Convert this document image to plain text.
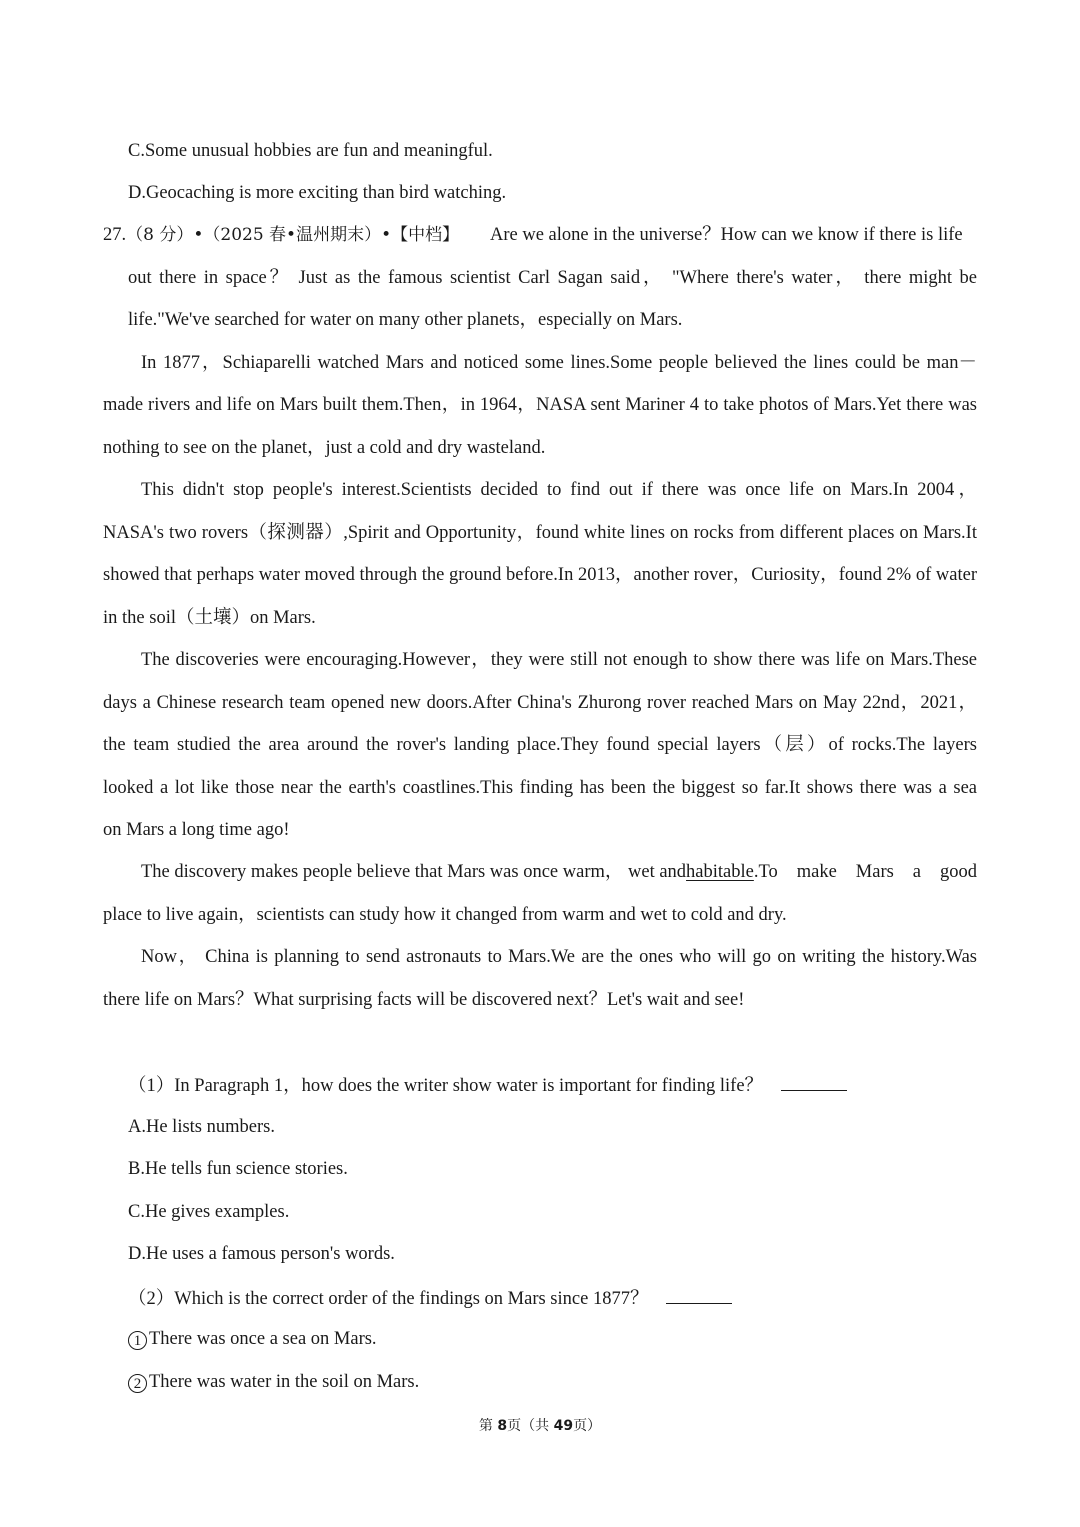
C.Some unusual hobbies are fun and meaningful.
D.Geocaching is more exciting than bird watching.
27.（8 分）•（2025 春•温州期末）•【中档】 Are we alone in the universe？How can we know if there is life
out there in space？ Just as the famous scientist Carl Sagan said， "Where there's water， there might be
life."We've searched for water on many other planets，especially on Mars.
In 1877，Schiaparelli watched Mars and noticed some lines.Some people believed the lines could be man－
made rivers and life on Mars built them.Then，in 1964，NASA sent Mariner 4 to take photos of Mars.Yet there was
nothing to see on the planet，just a cold and dry wasteland.
This didn't stop people's interest.Scientists decided to find out if there was once life on Mars.In 2004，
NASA's two rovers（探测器）,Spirit and Opportunity，found white lines on rocks from different places on Mars.It
showed that perhaps water moved through the ground before.In 2013，another rover，Curiosity，found 2% of water
in the soil（土壤）on Mars.
The discoveries were encouraging.However，they were still not enough to show there was life on Mars.These
days a Chinese research team opened new doors.After China's Zhurong rover reached Mars on May 22nd，2021，
the team studied the area around the rover's landing place.They found special layers（层）of rocks.The layers
looked a lot like those near the earth's coastlines.This finding has been the biggest so far.It shows there was a sea
on Mars a long time ago!
The discovery makes people believe that Mars was once warm， wet and habitable .To make Mars a good
place to live again，scientists can study how it changed from warm and wet to cold and dry.
Now， China is planning to send astronauts to Mars.We are the ones who will go on writing the history.Was
there life on Mars？What surprising facts will be discovered next？Let's wait and see!
（1）In Paragraph 1，how does the writer show water is important for finding life？
A.He lists numbers.
B.He tells fun science stories.
C.He gives examples.
D.He uses a famous person's words.
（2）Which is the correct order of the findings on Mars since 1877？
1 There was once a sea on Mars.
2 There was water in the soil on Mars.
第 8页（共 49页）
